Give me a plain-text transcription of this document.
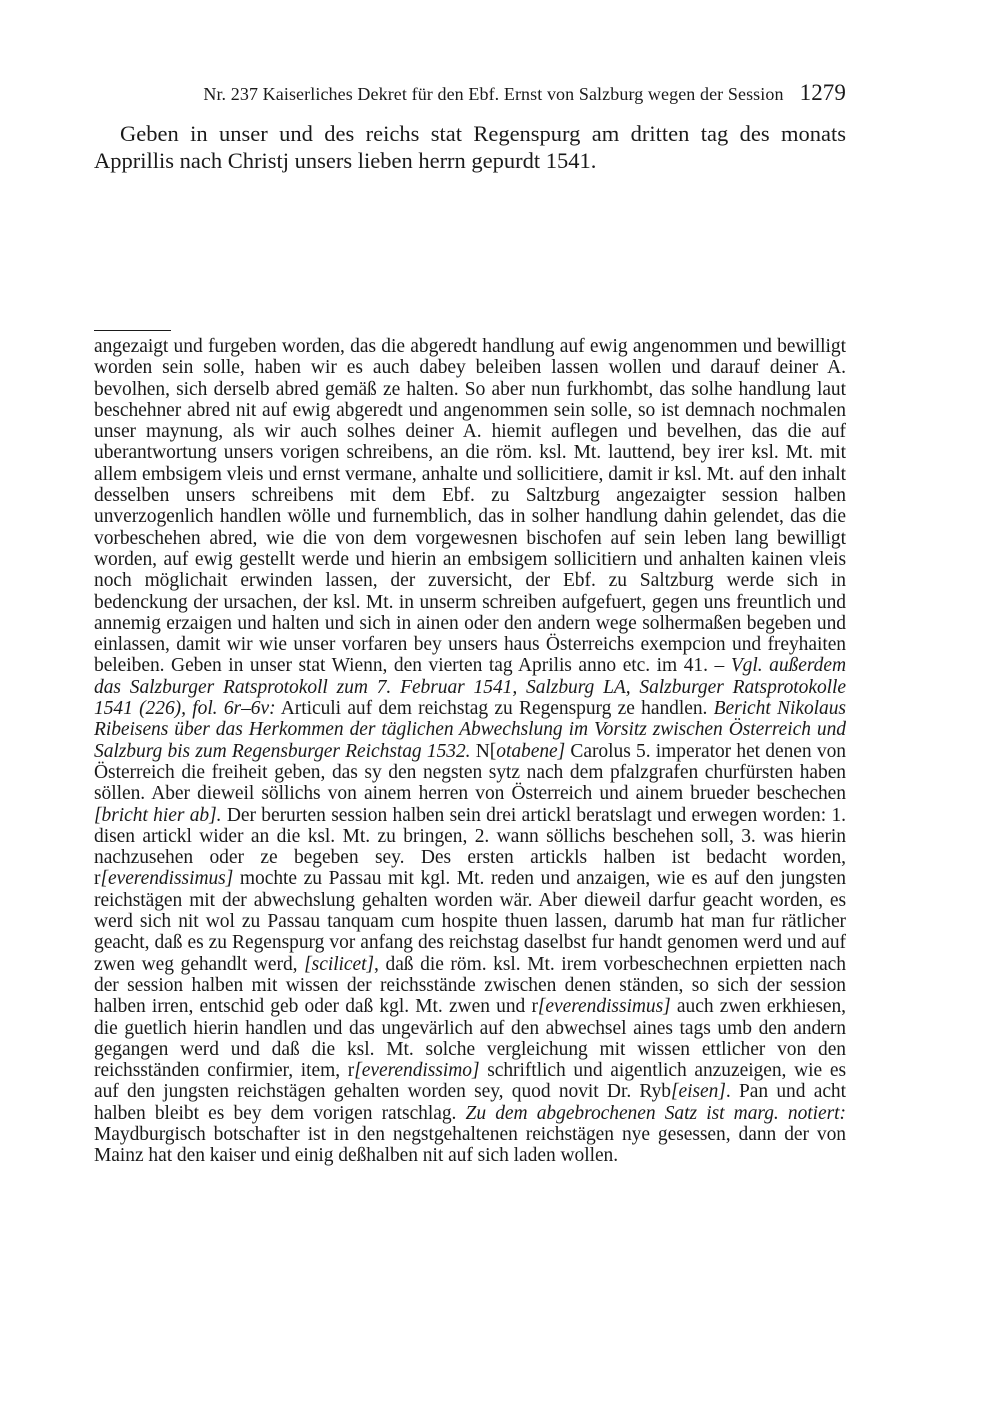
Nr. 237 Kaiserliches Dekret für den Ebf. Ernst von Salzburg wegen der Session 1279

Geben in unser und des reichs stat Regenspurg am dritten tag des monats Apprillis nach Christj unsers lieben herrn gepurdt 1541.

angezaigt und furgeben worden, das die abgeredt handlung auf ewig angenommen und bewilligt worden sein solle, haben wir es auch dabey beleiben lassen wollen und darauf deiner A. bevolhen, sich derselb abred gemäß ze halten. So aber nun furkhombt, das solhe handlung laut beschehner abred nit auf ewig abgeredt und angenommen sein solle, so ist demnach nochmalen unser maynung, als wir auch solhes deiner A. hiemit auflegen und bevelhen, das die auf uberantwortung unsers vorigen schreibens, an die röm. ksl. Mt. lauttend, bey irer ksl. Mt. mit allem embsigem vleis und ernst vermane, anhalte und sollicitiere, damit ir ksl. Mt. auf den inhalt desselben unsers schreibens mit dem Ebf. zu Saltzburg angezaigter session halben unverzogenlich handlen wölle und furnemblich, das in solher handlung dahin gelendet, das die vorbeschehen abred, wie die von dem vorgewesnen bischofen auf sein leben lang bewilligt worden, auf ewig gestellt werde und hierin an embsigem sollicitiern und anhalten kainen vleis noch möglichait erwinden lassen, der zuversicht, der Ebf. zu Saltzburg werde sich in bedenckung der ursachen, der ksl. Mt. in unserm schreiben aufgefuert, gegen uns freuntlich und annemig erzaigen und halten und sich in ainen oder den andern wege solhermaßen begeben und einlassen, damit wir wie unser vorfaren bey unsers haus Österreichs exempcion und freyhaiten beleiben. Geben in unser stat Wienn, den vierten tag Aprilis anno etc. im 41. – Vgl. außerdem das Salzburger Ratsprotokoll zum 7. Februar 1541, Salzburg LA, Salzburger Ratsprotokolle 1541 (226), fol. 6r–6v: Articuli auf dem reichstag zu Regenspurg ze handlen. Bericht Nikolaus Ribeisens über das Herkommen der täglichen Abwechslung im Vorsitz zwischen Österreich und Salzburg bis zum Regensburger Reichstag 1532. N[otabene] Carolus 5. imperator het denen von Österreich die freiheit geben, das sy den negsten sytz nach dem pfalzgrafen churfürsten haben söllen. Aber dieweil söllichs von ainem herren von Österreich und ainem brueder beschechen [bricht hier ab]. Der berurten session halben sein drei artickl beratslagt und erwegen worden: 1. disen artickl wider an die ksl. Mt. zu bringen, 2. wann söllichs beschehen soll, 3. was hierin nachzusehen oder ze begeben sey. Des ersten artickls halben ist bedacht worden, r[everendissimus] mochte zu Passau mit kgl. Mt. reden und anzaigen, wie es auf den jungsten reichstägen mit der abwechslung gehalten worden wär. Aber dieweil darfur geacht worden, es werd sich nit wol zu Passau tanquam cum hospite thuen lassen, darumb hat man fur rätlicher geacht, daß es zu Regenspurg vor anfang des reichstag daselbst fur handt genomen werd und auf zwen weg gehandlt werd, [scilicet], daß die röm. ksl. Mt. irem vorbeschechnen erpietten nach der session halben mit wissen der reichsstände zwischen denen ständen, so sich der session halben irren, entschid geb oder daß kgl. Mt. zwen und r[everendissimus] auch zwen erkhiesen, die guetlich hierin handlen und das ungevärlich auf den abwechsel aines tags umb den andern gegangen werd und daß die ksl. Mt. solche vergleichung mit wissen ettlicher von den reichsständen confirmier, item, r[everendissimo] schriftlich und aigentlich anzuzeigen, wie es auf den jungsten reichstägen gehalten worden sey, quod novit Dr. Ryb[eisen]. Pan und acht halben bleibt es bey dem vorigen ratschlag. Zu dem abgebrochenen Satz ist marg. notiert: Maydburgisch botschafter ist in den negstgehaltenen reichstägen nye gesessen, dann der von Mainz hat den kaiser und einig deßhalben nit auf sich laden wollen.
